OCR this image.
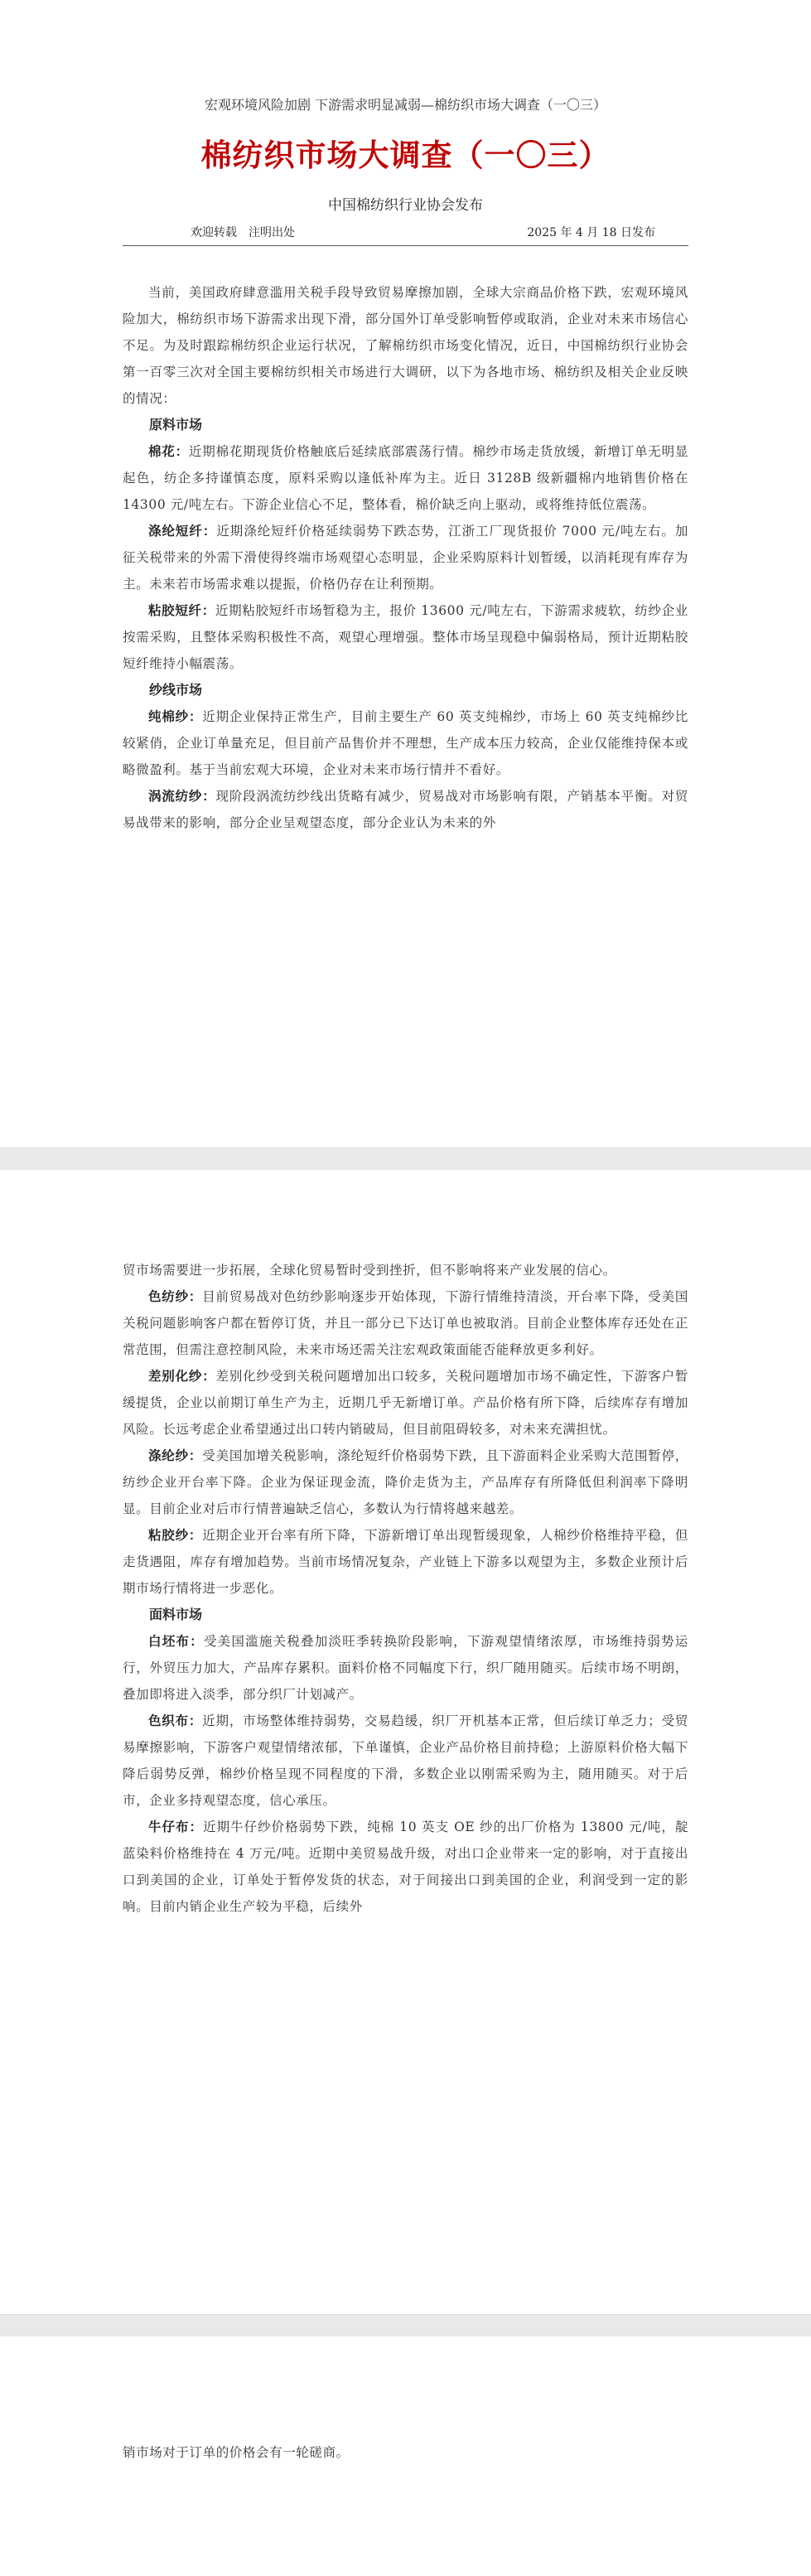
宏观环境风险加剧 下游需求明显减弱—棉纺织市场大调查（一〇三）

棉纺织市场大调查（一〇三）

中国棉纺织行业协会发布

欢迎转载 注明出处	2025 年 4 月 18 日发布

当前，美国政府肆意滥用关税手段导致贸易摩擦加剧，全球大宗商品价格下跌，宏观环境风险加大，棉纺织市场下游需求出现下滑，部分国外订单受影响暂停或取消，企业对未来市场信心不足。为及时跟踪棉纺织企业运行状况，了解棉纺织市场变化情况，近日，中国棉纺织行业协会第一百零三次对全国主要棉纺织相关市场进行大调研，以下为各地市场、棉纺织及相关企业反映的情况：

原料市场

棉花：近期棉花期现货价格触底后延续底部震荡行情。棉纱市场走货放缓，新增订单无明显起色，纺企多持谨慎态度，原料采购以逢低补库为主。近日 3128B 级新疆棉内地销售价格在 14300 元/吨左右。下游企业信心不足，整体看，棉价缺乏向上驱动，或将维持低位震荡。

涤纶短纤：近期涤纶短纤价格延续弱势下跌态势，江浙工厂现货报价 7000 元/吨左右。加征关税带来的外需下滑使得终端市场观望心态明显，企业采购原料计划暂缓，以消耗现有库存为主。未来若市场需求难以提振，价格仍存在让利预期。

粘胶短纤：近期粘胶短纤市场暂稳为主，报价 13600 元/吨左右，下游需求疲软，纺纱企业按需采购，且整体采购积极性不高，观望心理增强。整体市场呈现稳中偏弱格局，预计近期粘胶短纤维持小幅震荡。

纱线市场

纯棉纱：近期企业保持正常生产，目前主要生产 60 英支纯棉纱，市场上 60 英支纯棉纱比较紧俏，企业订单量充足，但目前产品售价并不理想，生产成本压力较高，企业仅能维持保本或略微盈利。基于当前宏观大环境，企业对未来市场行情并不看好。

涡流纺纱：现阶段涡流纺纱线出货略有减少，贸易战对市场影响有限，产销基本平衡。对贸易战带来的影响，部分企业呈观望态度，部分企业认为未来的外

贸市场需要进一步拓展，全球化贸易暂时受到挫折，但不影响将来产业发展的信心。

色纺纱：目前贸易战对色纺纱影响逐步开始体现，下游行情维持清淡，开台率下降，受美国关税问题影响客户都在暂停订货，并且一部分已下达订单也被取消。目前企业整体库存还处在正常范围，但需注意控制风险，未来市场还需关注宏观政策面能否能释放更多利好。

差别化纱：差别化纱受到关税问题增加出口较多，关税问题增加市场不确定性，下游客户暂缓提货，企业以前期订单生产为主，近期几乎无新增订单。产品价格有所下降，后续库存有增加风险。长远考虑企业希望通过出口转内销破局，但目前阻碍较多，对未来充满担忧。

涤纶纱：受美国加增关税影响，涤纶短纤价格弱势下跌，且下游面料企业采购大范围暂停，纺纱企业开台率下降。企业为保证现金流，降价走货为主，产品库存有所降低但利润率下降明显。目前企业对后市行情普遍缺乏信心，多数认为行情将越来越差。

粘胶纱：近期企业开台率有所下降，下游新增订单出现暂缓现象，人棉纱价格维持平稳，但走货遇阻，库存有增加趋势。当前市场情况复杂，产业链上下游多以观望为主，多数企业预计后期市场行情将进一步恶化。

面料市场

白坯布：受美国滥施关税叠加淡旺季转换阶段影响，下游观望情绪浓厚，市场维持弱势运行，外贸压力加大，产品库存累积。面料价格不同幅度下行，织厂随用随买。后续市场不明朗，叠加即将进入淡季，部分织厂计划减产。

色织布：近期，市场整体维持弱势，交易趋缓，织厂开机基本正常，但后续订单乏力；受贸易摩擦影响，下游客户观望情绪浓郁，下单谨慎，企业产品价格目前持稳；上游原料价格大幅下降后弱势反弹，棉纱价格呈现不同程度的下滑，多数企业以刚需采购为主，随用随买。对于后市，企业多持观望态度，信心承压。

牛仔布：近期牛仔纱价格弱势下跌，纯棉 10 英支 OE 纱的出厂价格为 13800 元/吨，靛蓝染料价格维持在 4 万元/吨。近期中美贸易战升级，对出口企业带来一定的影响，对于直接出口到美国的企业，订单处于暂停发货的状态，对于间接出口到美国的企业，利润受到一定的影响。目前内销企业生产较为平稳，后续外

销市场对于订单的价格会有一轮磋商。
